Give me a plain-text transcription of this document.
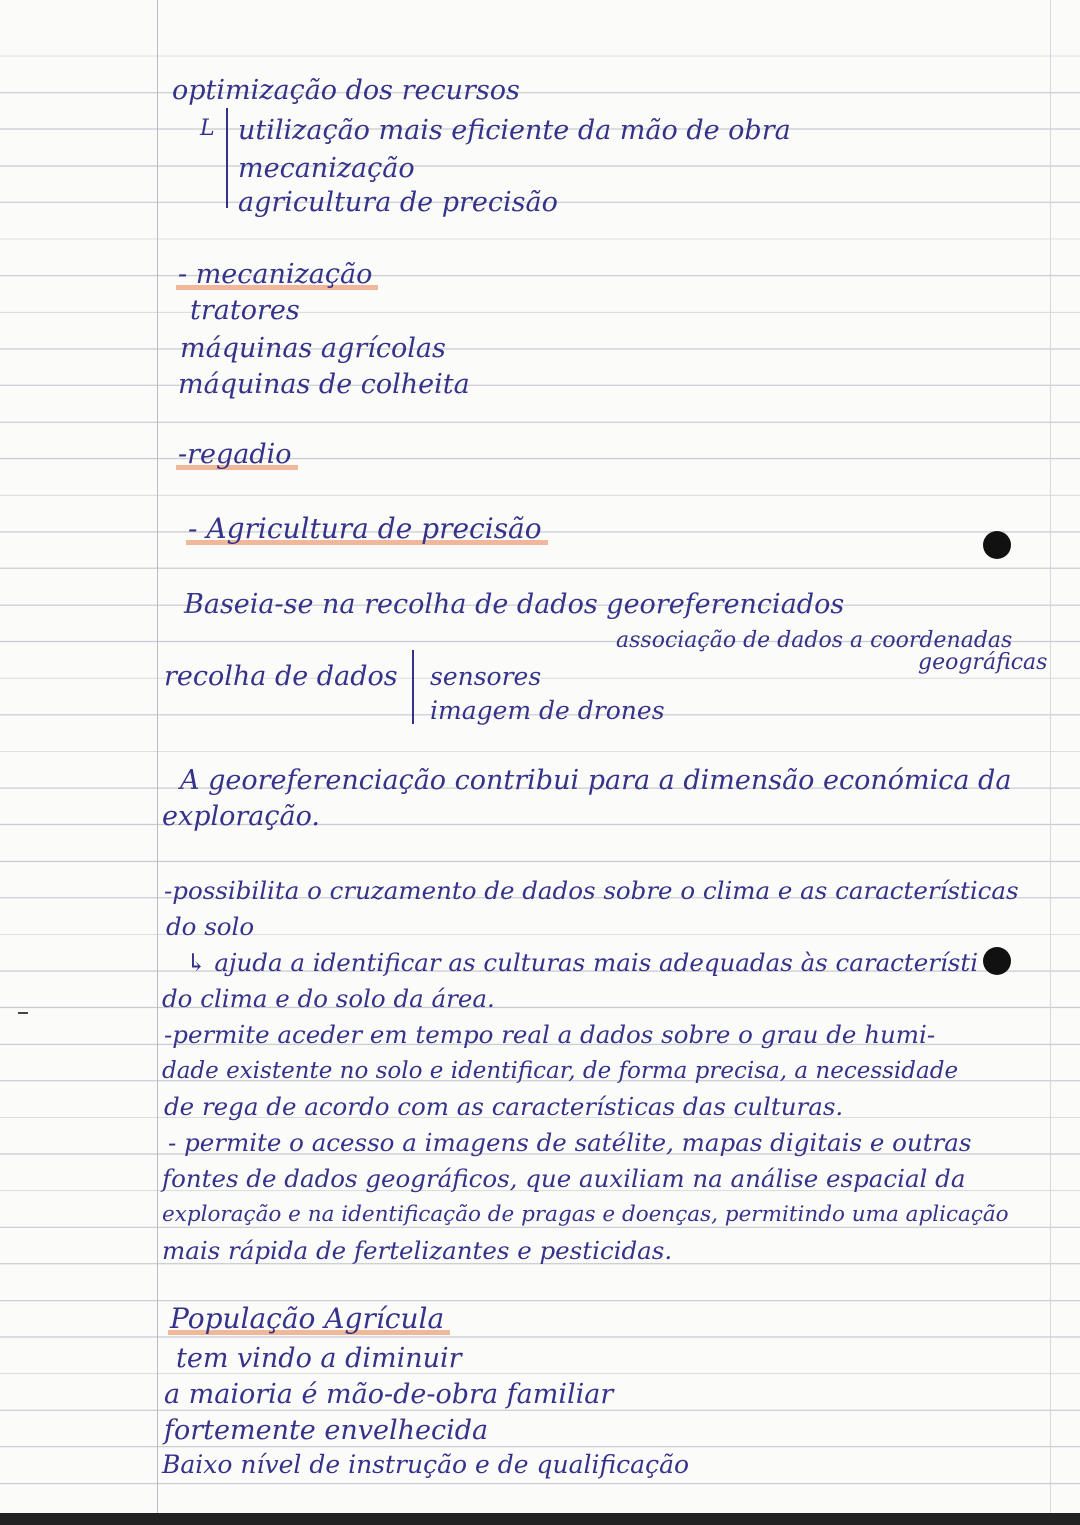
optimização dos recursos

L utilização mais eficiente da mão de obra

mecanização

agricultura de precisão

- mecanização

tratores

máquinas agrícolas

máquinas de colheita

-regadio

- Agricultura de precisão

Baseia-se na recolha de dados georeferenciados

associação de dados a coordenadas

geográficas

recolha de dados sensores

imagem de drones

A georeferenciação contribui para a dimensão económica da

exploração.

-possibilita o cruzamento de dados sobre o clima e as características

do solo

↳ ajuda a identificar as culturas mais adequadas às característi

do clima e do solo da área.

-permite aceder em tempo real a dados sobre o grau de humi-

dade existente no solo e identificar, de forma precisa, a necessidade

de rega de acordo com as características das culturas.

- permite o acesso a imagens de satélite, mapas digitais e outras

fontes de dados geográficos, que auxiliam na análise espacial da

exploração e na identificação de pragas e doenças, permitindo uma aplicação

mais rápida de fertelizantes e pesticidas.

População Agrícula

tem vindo a diminuir

a maioria é mão-de-obra familiar

fortemente envelhecida

Baixo nível de instrução e de qualificação
